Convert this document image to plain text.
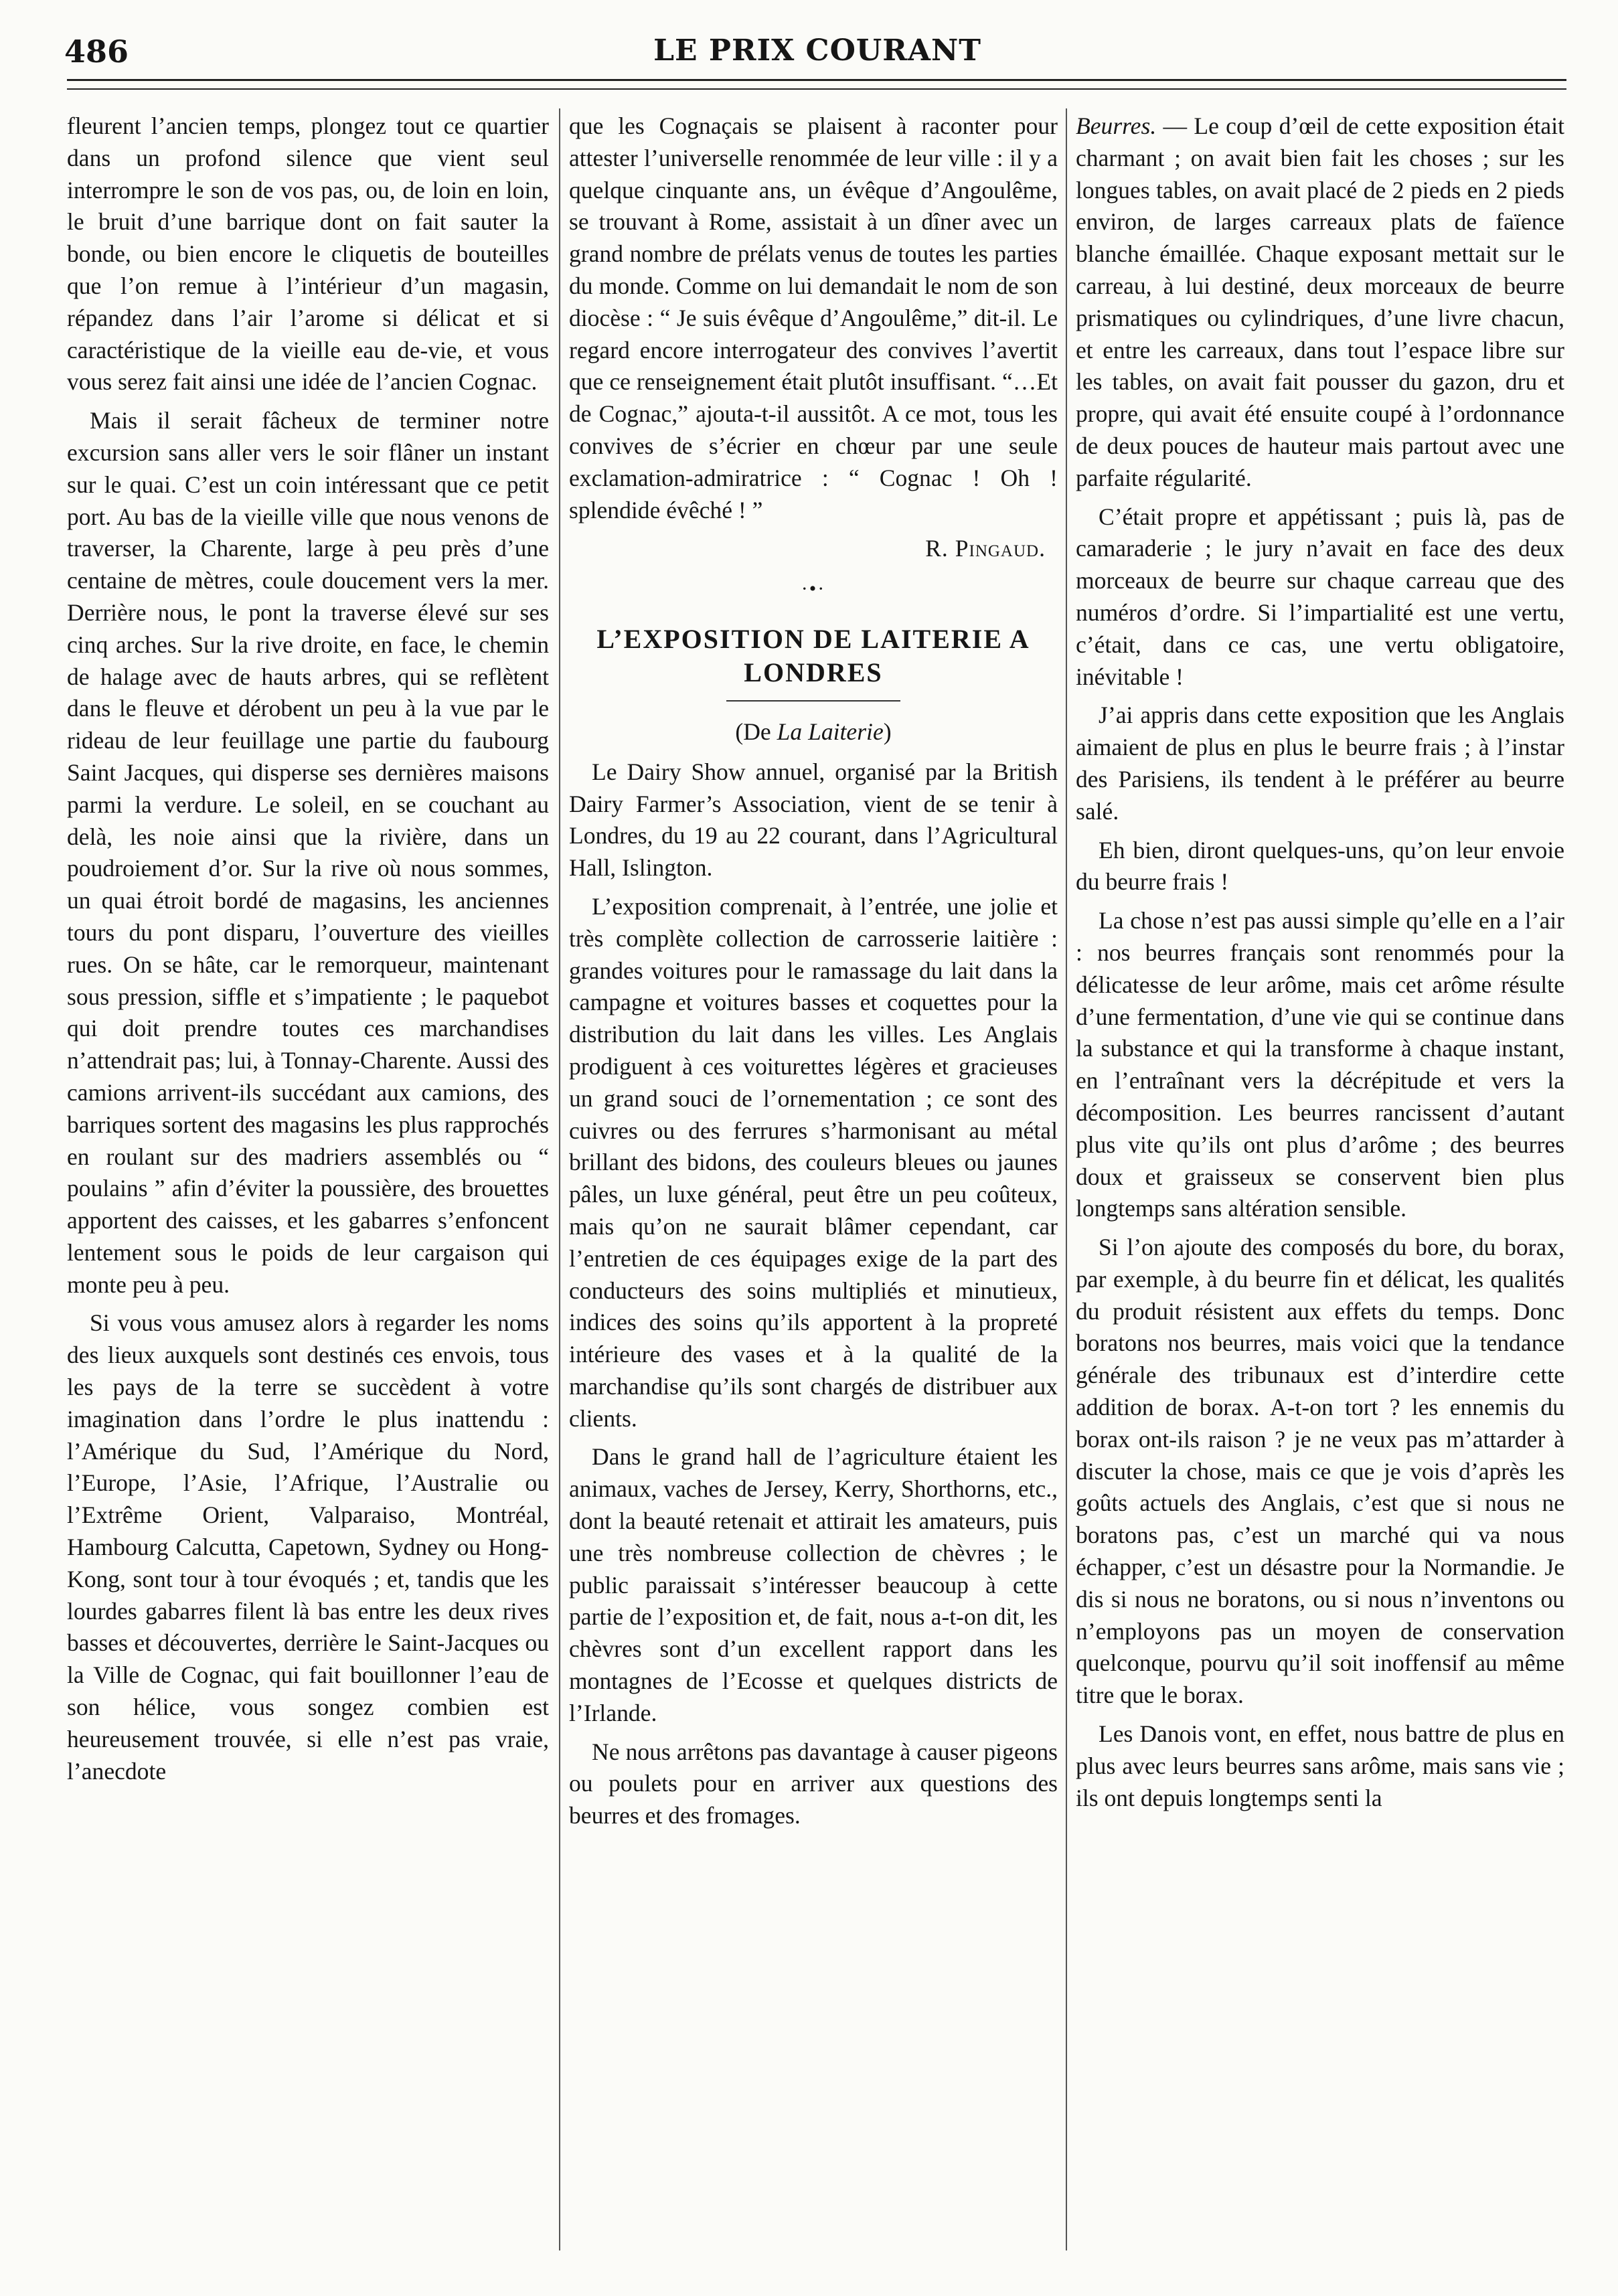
486	LE PRIX COURANT

fleurent l’ancien temps, plongez tout ce quartier dans un profond silence que vient seul interrompre le son de vos pas, ou, de loin en loin, le bruit d’une barrique dont on fait sauter la bonde, ou bien encore le cliquetis de bouteilles que l’on remue à l’intérieur d’un magasin, répandez dans l’air l’arome si délicat et si caractéristique de la vieille eau de-vie, et vous vous serez fait ainsi une idée de l’ancien Cognac.

Mais il serait fâcheux de terminer notre excursion sans aller vers le soir flâner un instant sur le quai. C’est un coin intéressant que ce petit port. Au bas de la vieille ville que nous venons de traverser, la Charente, large à peu près d’une centaine de mètres, coule doucement vers la mer. Derrière nous, le pont la traverse élevé sur ses cinq arches. Sur la rive droite, en face, le chemin de halage avec de hauts arbres, qui se reflètent dans le fleuve et dérobent un peu à la vue par le rideau de leur feuillage une partie du faubourg Saint Jacques, qui disperse ses dernières maisons parmi la verdure. Le soleil, en se couchant au delà, les noie ainsi que la rivière, dans un poudroiement d’or. Sur la rive où nous sommes, un quai étroit bordé de magasins, les anciennes tours du pont disparu, l’ouverture des vieilles rues. On se hâte, car le remorqueur, maintenant sous pression, siffle et s’impatiente ; le paquebot qui doit prendre toutes ces marchandises n’attendrait pas; lui, à Tonnay-Charente. Aussi des camions arrivent-ils succédant aux camions, des barriques sortent des magasins les plus rapprochés en roulant sur des madriers assemblés ou “ poulains ” afin d’éviter la poussière, des brouettes apportent des caisses, et les gabarres s’enfoncent lentement sous le poids de leur cargaison qui monte peu à peu.

Si vous vous amusez alors à regarder les noms des lieux auxquels sont destinés ces envois, tous les pays de la terre se succèdent à votre imagination dans l’ordre le plus inattendu : l’Amérique du Sud, l’Amérique du Nord, l’Europe, l’Asie, l’Afrique, l’Australie ou l’Extrême Orient, Valparaiso, Montréal, Hambourg Calcutta, Capetown, Sydney ou Hong-Kong, sont tour à tour évoqués ; et, tandis que les lourdes gabarres filent là bas entre les deux rives basses et découvertes, derrière le Saint-Jacques ou la Ville de Cognac, qui fait bouillonner l’eau de son hélice, vous songez combien est heureusement trouvée, si elle n’est pas vraie, l’anecdote

que les Cognaçais se plaisent à raconter pour attester l’universelle renommée de leur ville : il y a quelque cinquante ans, un évêque d’Angoulême, se trouvant à Rome, assistait à un dîner avec un grand nombre de prélats venus de toutes les parties du monde. Comme on lui demandait le nom de son diocèse : “ Je suis évêque d’Angoulême,” dit-il. Le regard encore interrogateur des convives l’avertit que ce renseignement était plutôt insuffisant. “…Et de Cognac,” ajouta-t-il aussitôt. A ce mot, tous les convives de s’écrier en chœur par une seule exclamation-admiratrice : “ Cognac ! Oh ! splendide évêché ! ”

R. Pingaud.
·•·
L’EXPOSITION DE LAITERIE A LONDRES
(De La Laiterie)

Le Dairy Show annuel, organisé par la British Dairy Farmer’s Association, vient de se tenir à Londres, du 19 au 22 courant, dans l’Agricultural Hall, Islington.

L’exposition comprenait, à l’entrée, une jolie et très complète collection de carrosserie laitière : grandes voitures pour le ramassage du lait dans la campagne et voitures basses et coquettes pour la distribution du lait dans les villes. Les Anglais prodiguent à ces voiturettes légères et gracieuses un grand souci de l’ornementation ; ce sont des cuivres ou des ferrures s’harmonisant au métal brillant des bidons, des couleurs bleues ou jaunes pâles, un luxe général, peut être un peu coûteux, mais qu’on ne saurait blâmer cependant, car l’entretien de ces équipages exige de la part des conducteurs des soins multipliés et minutieux, indices des soins qu’ils apportent à la propreté intérieure des vases et à la qualité de la marchandise qu’ils sont chargés de distribuer aux clients.

Dans le grand hall de l’agriculture étaient les animaux, vaches de Jersey, Kerry, Shorthorns, etc., dont la beauté retenait et attirait les amateurs, puis une très nombreuse collection de chèvres ; le public paraissait s’intéresser beaucoup à cette partie de l’exposition et, de fait, nous a-t-on dit, les chèvres sont d’un excellent rapport dans les montagnes de l’Ecosse et quelques districts de l’Irlande.

Ne nous arrêtons pas davantage à causer pigeons ou poulets pour en arriver aux questions des beurres et des fromages.

Beurres. — Le coup d’œil de cette exposition était charmant ; on avait bien fait les choses ; sur les longues tables, on avait placé de 2 pieds en 2 pieds environ, de larges carreaux plats de faïence blanche émaillée. Chaque exposant mettait sur le carreau, à lui destiné, deux morceaux de beurre prismatiques ou cylindriques, d’une livre chacun, et entre les carreaux, dans tout l’espace libre sur les tables, on avait fait pousser du gazon, dru et propre, qui avait été ensuite coupé à l’ordonnance de deux pouces de hauteur mais partout avec une parfaite régularité.

C’était propre et appétissant ; puis là, pas de camaraderie ; le jury n’avait en face des deux morceaux de beurre sur chaque carreau que des numéros d’ordre. Si l’impartialité est une vertu, c’était, dans ce cas, une vertu obligatoire, inévitable !

J’ai appris dans cette exposition que les Anglais aimaient de plus en plus le beurre frais ; à l’instar des Parisiens, ils tendent à le préférer au beurre salé.

Eh bien, diront quelques-uns, qu’on leur envoie du beurre frais !

La chose n’est pas aussi simple qu’elle en a l’air : nos beurres français sont renommés pour la délicatesse de leur arôme, mais cet arôme résulte d’une fermentation, d’une vie qui se continue dans la substance et qui la transforme à chaque instant, en l’entraînant vers la décrépitude et vers la décomposition. Les beurres rancissent d’autant plus vite qu’ils ont plus d’arôme ; des beurres doux et graisseux se conservent bien plus longtemps sans altération sensible.

Si l’on ajoute des composés du bore, du borax, par exemple, à du beurre fin et délicat, les qualités du produit résistent aux effets du temps. Donc boratons nos beurres, mais voici que la tendance générale des tribunaux est d’interdire cette addition de borax. A-t-on tort ? les ennemis du borax ont-ils raison ? je ne veux pas m’attarder à discuter la chose, mais ce que je vois d’après les goûts actuels des Anglais, c’est que si nous ne boratons pas, c’est un marché qui va nous échapper, c’est un désastre pour la Normandie. Je dis si nous ne boratons, ou si nous n’inventons ou n’employons pas un moyen de conservation quelconque, pourvu qu’il soit inoffensif au même titre que le borax.

Les Danois vont, en effet, nous battre de plus en plus avec leurs beurres sans arôme, mais sans vie ; ils ont depuis longtemps senti la
